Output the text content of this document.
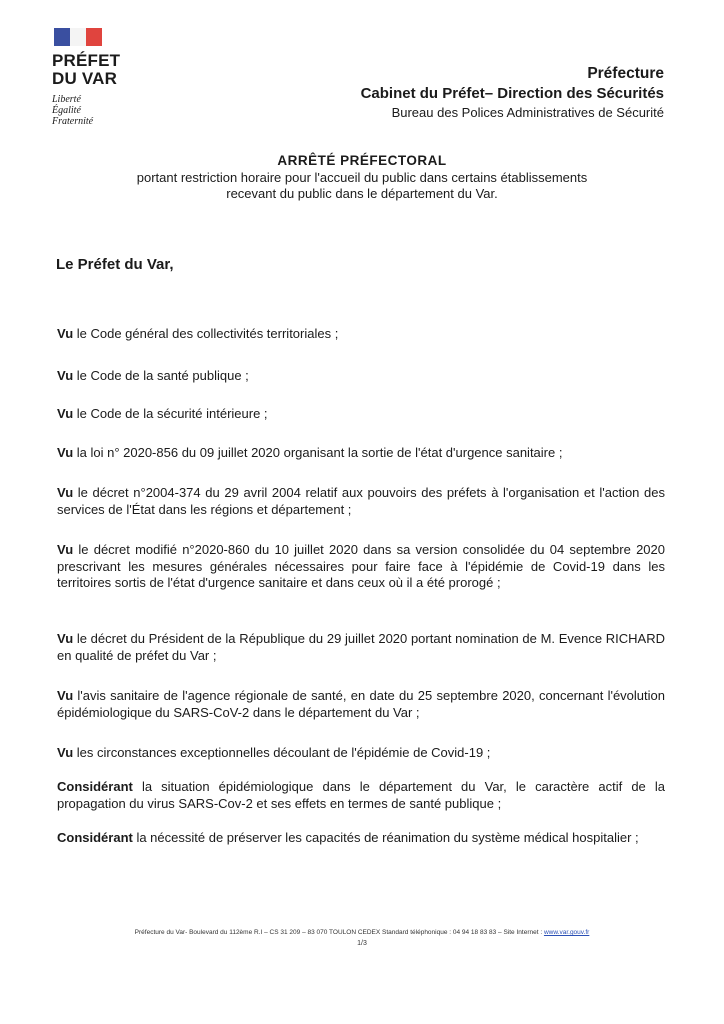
PRÉFET
DU VAR
Liberté
Égalité
Fraternité
Préfecture
Cabinet du Préfet– Direction des Sécurités
Bureau des Polices Administratives de Sécurité
ARRÊTÉ PRÉFECTORAL
portant restriction horaire pour l'accueil du public dans certains établissements
recevant du public dans le département du Var.
Le Préfet du Var,
Vu le Code général des collectivités territoriales ;
Vu le Code de la santé publique ;
Vu le Code de la sécurité intérieure ;
Vu la loi n° 2020-856 du 09 juillet 2020 organisant la sortie de l'état d'urgence sanitaire ;
Vu le décret n°2004-374 du 29 avril 2004 relatif aux pouvoirs des préfets à l'organisation et l'action des services de l'État dans les régions et département ;
Vu le décret modifié n°2020-860 du 10 juillet 2020 dans sa version consolidée du 04 septembre 2020 prescrivant les mesures générales nécessaires pour faire face à l'épidémie de Covid-19 dans les territoires sortis de l'état d'urgence sanitaire et dans ceux où il a été prorogé ;
Vu le décret du Président de la République du 29 juillet 2020 portant nomination de M. Evence RICHARD en qualité de préfet du Var ;
Vu l'avis sanitaire de l'agence régionale de santé, en date du 25 septembre 2020, concernant l'évolution épidémiologique du SARS-CoV-2 dans le département du Var ;
Vu les circonstances exceptionnelles découlant de l'épidémie de Covid-19 ;
Considérant la situation épidémiologique dans le département du Var, le caractère actif de la propagation du virus SARS-Cov-2 et ses effets en termes de santé publique ;
Considérant la nécessité de préserver les capacités de réanimation du système médical hospitalier ;
Préfecture du Var- Boulevard du 112ème R.I – CS 31 209 – 83 070 TOULON CEDEX Standard téléphonique : 04 94 18 83 83 – Site Internet : www.var.gouv.fr
1/3
